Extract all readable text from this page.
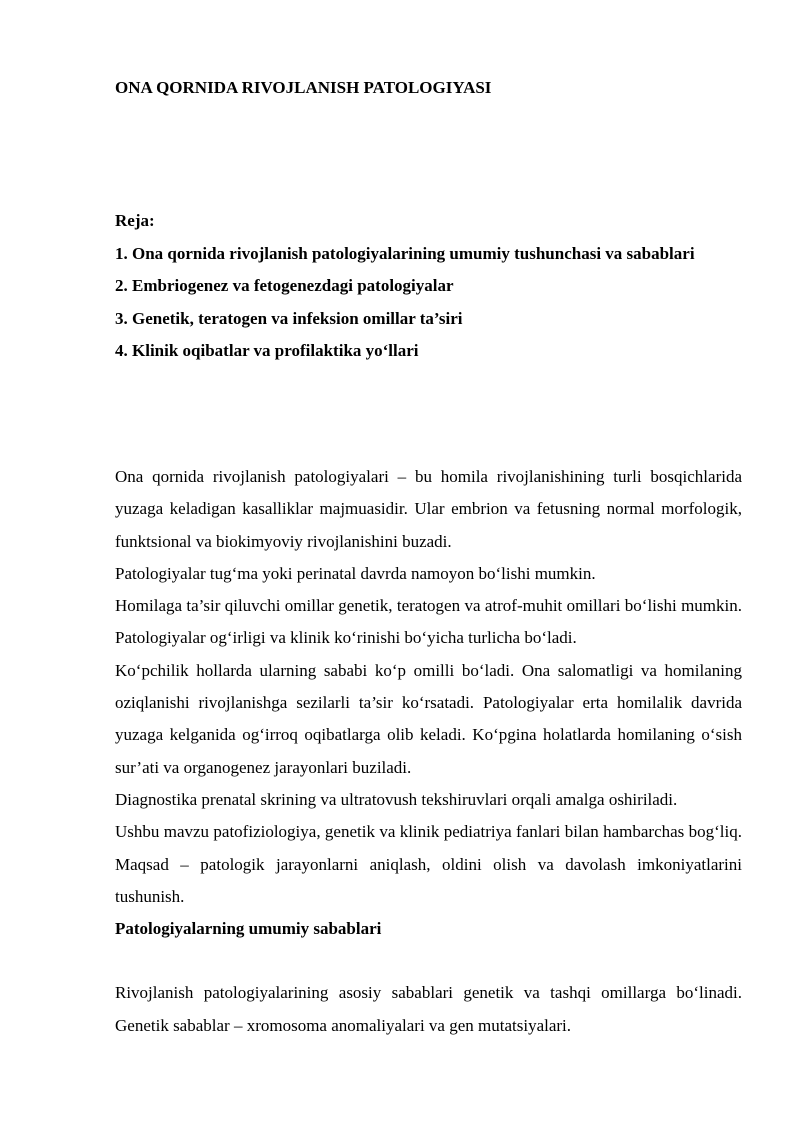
ONA QORNIDA RIVOJLANISH PATOLOGIYASI

Reja:

1. Ona qornida rivojlanish patologiyalarining umumiy tushunchasi va sabablari

2. Embriogenez va fetogenezdagi patologiyalar

3. Genetik, teratogen va infeksion omillar ta’siri

4. Klinik oqibatlar va profilaktika yo‘llari

Ona qornida rivojlanish patologiyalari – bu homila rivojlanishining turli bosqichlarida yuzaga keladigan kasalliklar majmuasidir. Ular embrion va fetusning normal morfologik, funktsional va biokimyoviy rivojlanishini buzadi.

Patologiyalar tug‘ma yoki perinatal davrda namoyon bo‘lishi mumkin.

Homilaga ta’sir qiluvchi omillar genetik, teratogen va atrof-muhit omillari bo‘lishi mumkin. Patologiyalar og‘irligi va klinik ko‘rinishi bo‘yicha turlicha bo‘ladi.

Ko‘pchilik hollarda ularning sababi ko‘p omilli bo‘ladi. Ona salomatligi va homilaning oziqlanishi rivojlanishga sezilarli ta’sir ko‘rsatadi. Patologiyalar erta homilalik davrida yuzaga kelganida og‘irroq oqibatlarga olib keladi. Ko‘pgina holatlarda homilaning o‘sish sur’ati va organogenez jarayonlari buziladi.

Diagnostika prenatal skrining va ultratovush tekshiruvlari orqali amalga oshiriladi.

Ushbu mavzu patofiziologiya, genetik va klinik pediatriya fanlari bilan hambarchas bog‘liq. Maqsad – patologik jarayonlarni aniqlash, oldini olish va davolash imkoniyatlarini tushunish.

Patologiyalarning umumiy sabablari

Rivojlanish patologiyalarining asosiy sabablari genetik va tashqi omillarga bo‘linadi. Genetik sabablar – xromosoma anomaliyalari va gen mutatsiyalari.
